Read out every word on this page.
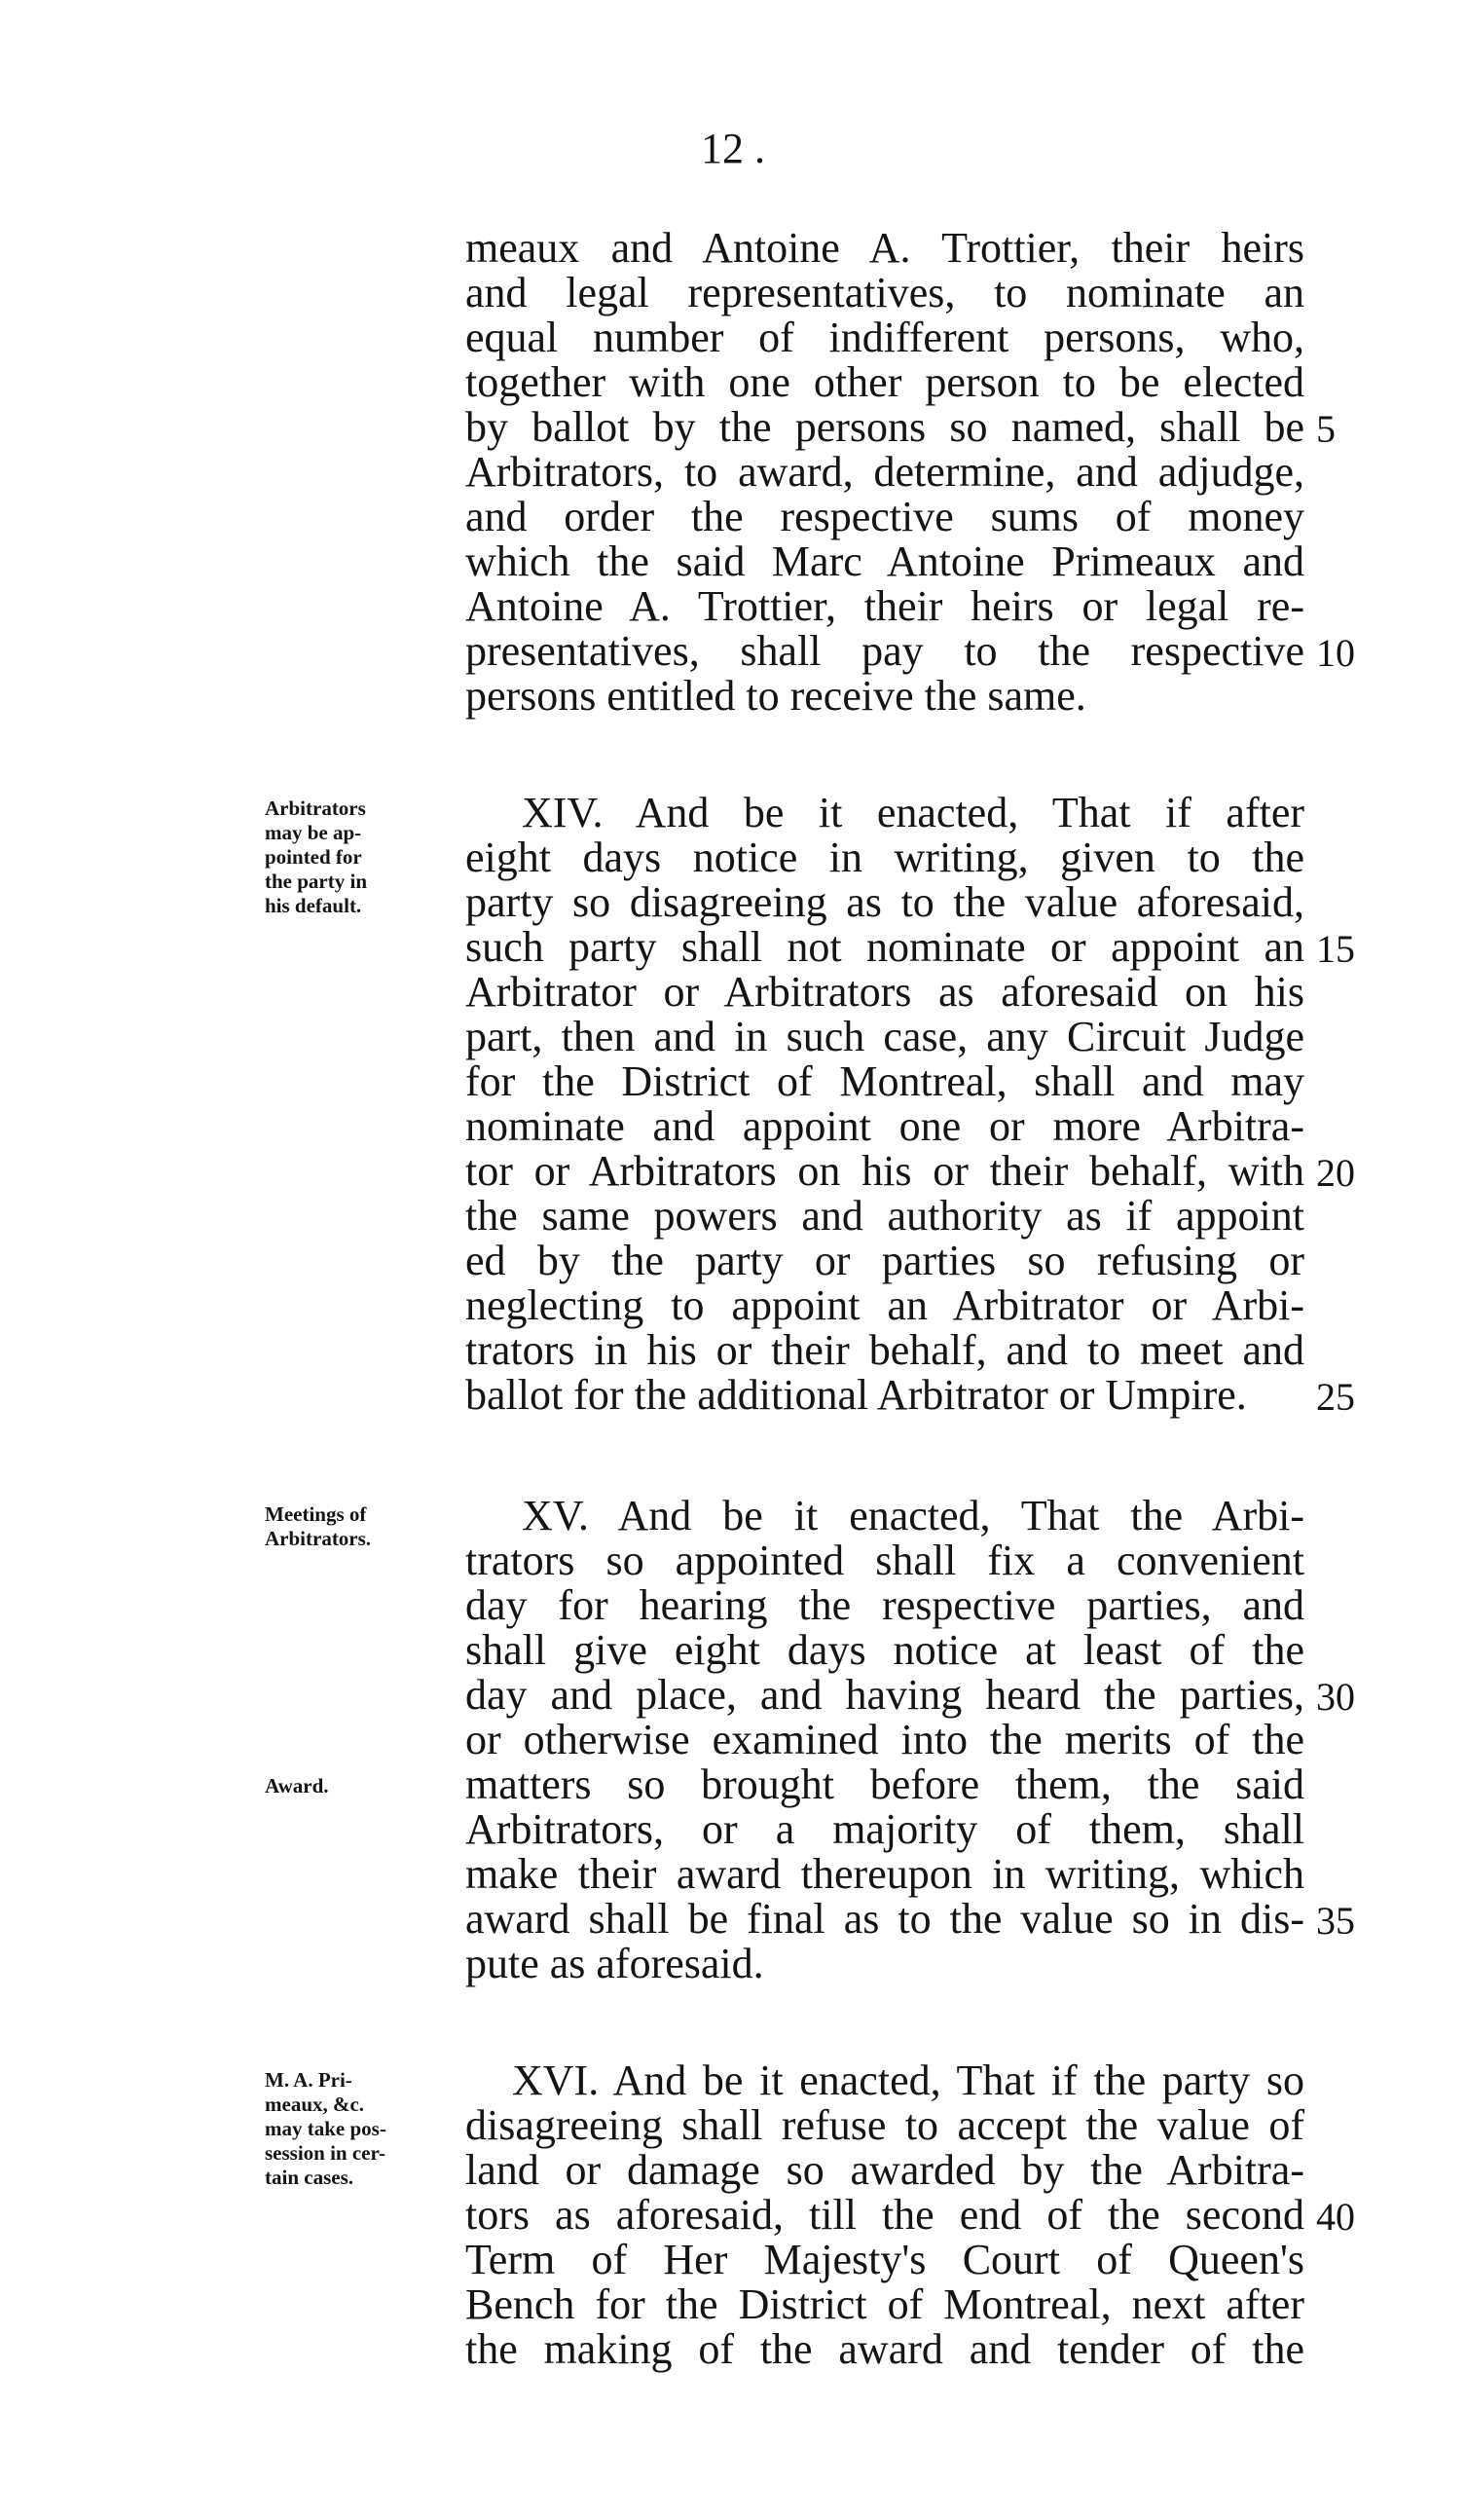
12 .
meaux and Antoine A. Trottier, their heirs
and legal representatives, to nominate an
equal number of indifferent persons, who,
together with one other person to be elected
by ballot by the persons so named, shall be
Arbitrators, to award, determine, and adjudge,
and order the respective sums of money
which the said Marc Antoine Primeaux and
Antoine A. Trottier, their heirs or legal re-
presentatives, shall pay to the respective
persons entitled to receive the same.
XIV. And be it enacted, That if after
eight days notice in writing, given to the
party so disagreeing as to the value aforesaid,
such party shall not nominate or appoint an
Arbitrator or Arbitrators as aforesaid on his
part, then and in such case, any Circuit Judge
for the District of Montreal, shall and may
nominate and appoint one or more Arbitra-
tor or Arbitrators on his or their behalf, with
the same powers and authority as if appoint
ed by the party or parties so refusing or
neglecting to appoint an Arbitrator or Arbi-
trators in his or their behalf, and to meet and
ballot for the additional Arbitrator or Umpire.
XV. And be it enacted, That the Arbi-
trators so appointed shall fix a convenient
day for hearing the respective parties, and
shall give eight days notice at least of the
day and place, and having heard the parties,
or otherwise examined into the merits of the
matters so brought before them, the said
Arbitrators, or a majority of them, shall
make their award thereupon in writing, which
award shall be final as to the value so in dis-
pute as aforesaid.
XVI. And be it enacted, That if the party so
disagreeing shall refuse to accept the value of
land or damage so awarded by the Arbitra-
tors as aforesaid, till the end of the second
Term of Her Majesty's Court of Queen's
Bench for the District of Montreal, next after
the making of the award and tender of the
5
10
15
20
25
30
35
40
Arbitrators
may be ap-
pointed for
the party in
his default.
Meetings of
Arbitrators.
Award.
M. A. Pri-
meaux, &c.
may take pos-
session in cer-
tain cases.
